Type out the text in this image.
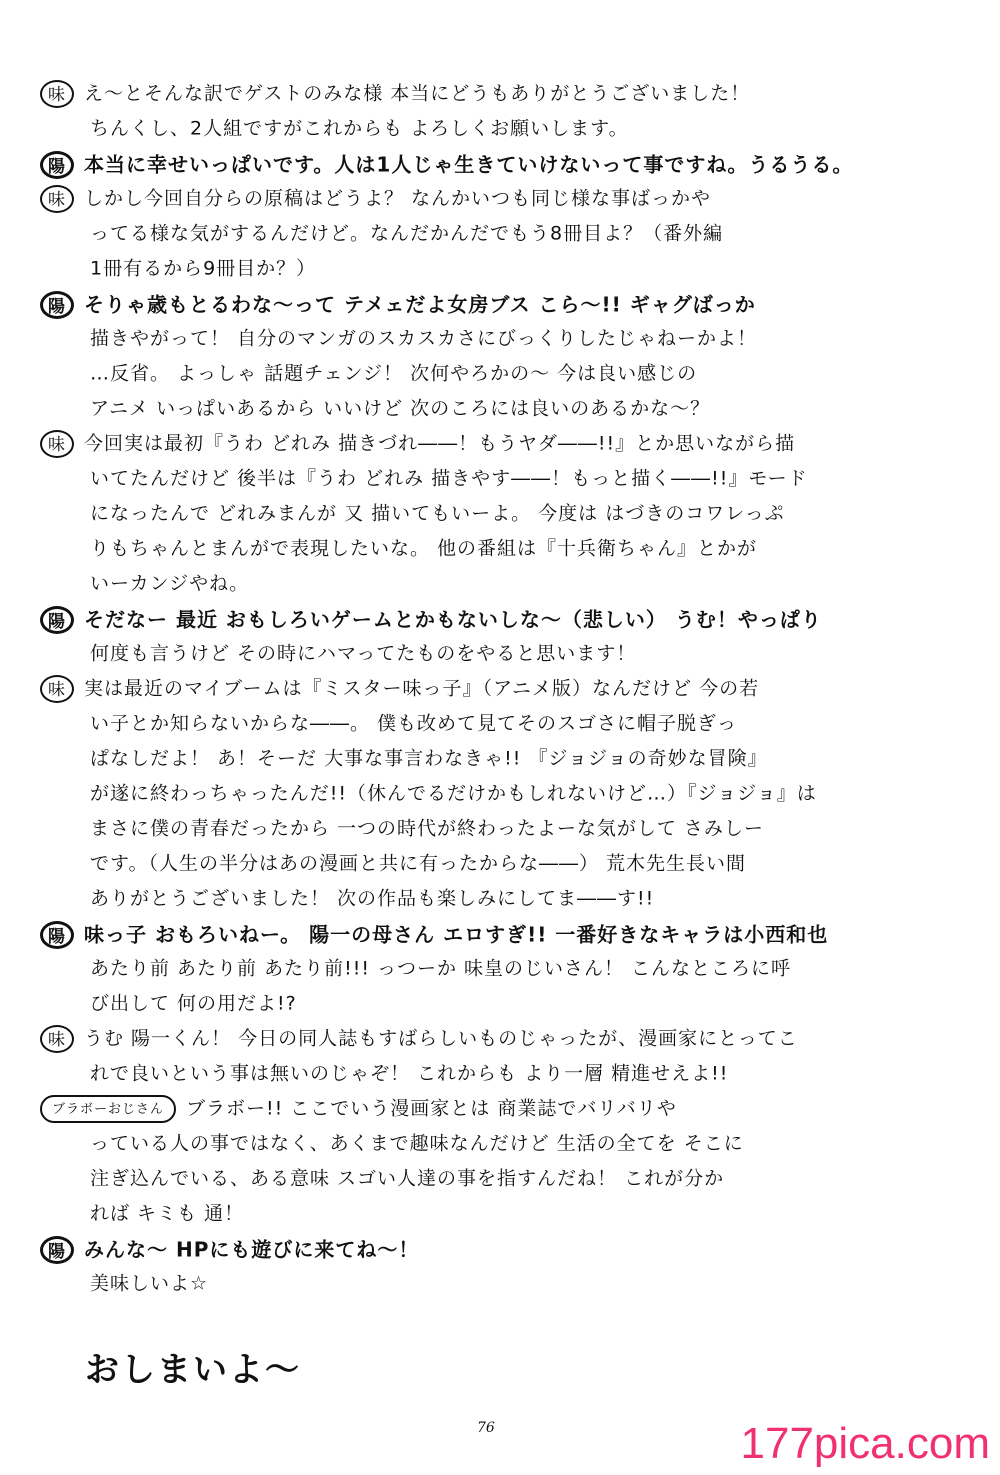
味 え〜とそんな訳でゲストのみな様 本当にどうもありがとうございました！
ちんくし、2人組ですがこれからも よろしくお願いします。
陽 本当に幸せいっぱいです。人は1人じゃ生きていけないって事ですね。うるうる。
味 しかし今回自分らの原稿はどうよ？ なんかいつも同じ様な事ばっかや
ってる様な気がするんだけど。なんだかんだでもう8冊目よ？（番外編
1冊有るから9冊目か？）
陽 そりゃ歳もとるわな〜って テメェだよ女房ブス こら〜!! ギャグばっか
描きやがって！ 自分のマンガのスカスカさにびっくりしたじゃねーかよ！
…反省。 よっしゃ 話題チェンジ！ 次何やろかの〜 今は良い感じの
アニメ いっぱいあるから いいけど 次のころには良いのあるかな〜？
味 今回実は最初『うわ どれみ 描きづれ――！もうヤダ――!!』とか思いながら描
いてたんだけど 後半は『うわ どれみ 描きやす――！もっと描く――!!』モード
になったんで どれみまんが 又 描いてもいーよ。 今度は はづきのコワレっぷ
りもちゃんとまんがで表現したいな。 他の番組は『十兵衛ちゃん』とかが
いーカンジやね。
陽 そだなー 最近 おもしろいゲームとかもないしな〜（悲しい） うむ！やっぱり
何度も言うけど その時にハマってたものをやると思います！
味 実は最近のマイブームは『ミスター味っ子』（アニメ版）なんだけど 今の若
い子とか知らないからな――。 僕も改めて見てそのスゴさに帽子脱ぎっ
ぱなしだよ！ あ！そーだ 大事な事言わなきゃ!! 『ジョジョの奇妙な冒険』
が遂に終わっちゃったんだ!!（休んでるだけかもしれないけど…）『ジョジョ』は
まさに僕の青春だったから 一つの時代が終わったよーな気がして さみしー
です。（人生の半分はあの漫画と共に有ったからな――） 荒木先生長い間
ありがとうございました！ 次の作品も楽しみにしてま――す!!
陽 味っ子 おもろいねー。 陽一の母さん エロすぎ!! 一番好きなキャラは小西和也
あたり前 あたり前 あたり前!!! っつーか 味皇のじいさん！ こんなところに呼
び出して 何の用だよ!?
味 うむ 陽一くん！ 今日の同人誌もすばらしいものじゃったが、漫画家にとってこ
れで良いという事は無いのじゃぞ！ これからも より一層 精進せえよ!!
ブラボーおじさん ブラボー!! ここでいう漫画家とは 商業誌でバリバリや
っている人の事ではなく、あくまで趣味なんだけど 生活の全てを そこに
注ぎ込んでいる、ある意味 スゴい人達の事を指すんだね！ これが分か
れば キミも 通！
陽 みんな〜 HPにも遊びに来てね〜！
美味しいよ☆
おしまいよ〜
76	177pica.com
